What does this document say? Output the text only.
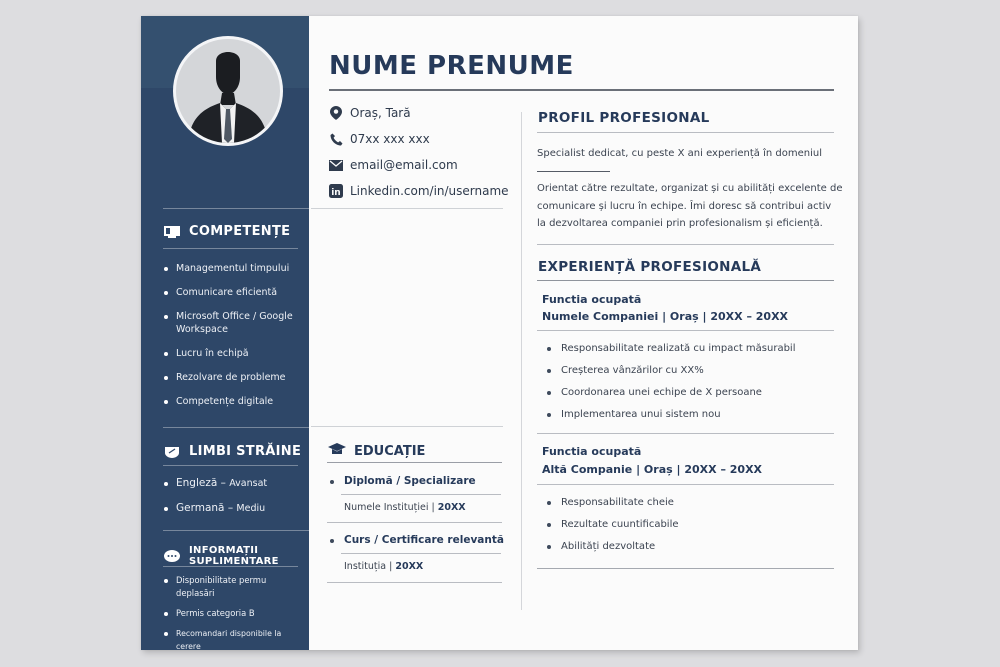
COMPETENȚE
Managementul timpului
Comunicare eficientă
Microsoft Office / Google Workspace
Lucru în echipă
Rezolvare de probleme
Competențe digitale
LIMBI STRĂINE
Engleză – Avansat
Germană – Mediu
INFORMAȚII SUPLIMENTARE
Disponibilitate permu deplasări
Permis categoria B
Recomandari disponibile la cerere
NUME PRENUME
Oraș, Tară
07xx xxx xxx
email@email.com
in Linkedin.com/in/username
EDUCAȚIE
Diplomă / Specializare
Numele Instituției | 20XX
Curs / Certificare relevantă
Instituția | 20XX
PROFIL PROFESIONAL
Specialist dedicat, cu peste X ani experiență în domeniul
Orientat către rezultate, organizat și cu abilități excelente de
comunicare și lucru în echipe. Îmi doresc să contribui activ
la dezvoltarea companiei prin profesionalism și eficiență.
EXPERIENȚĂ PROFESIONALĂ
Functia ocupată
Numele Companiei | Oraș | 20XX – 20XX
Responsabilitate realizată cu impact măsurabil
Creșterea vânzărilor cu XX%
Coordonarea unei echipe de X persoane
Implementarea unui sistem nou
Functia ocupată
Altă Companie | Oraș | 20XX – 20XX
Responsabilitate cheie
Rezultate cuuntificabile
Abilități dezvoltate
